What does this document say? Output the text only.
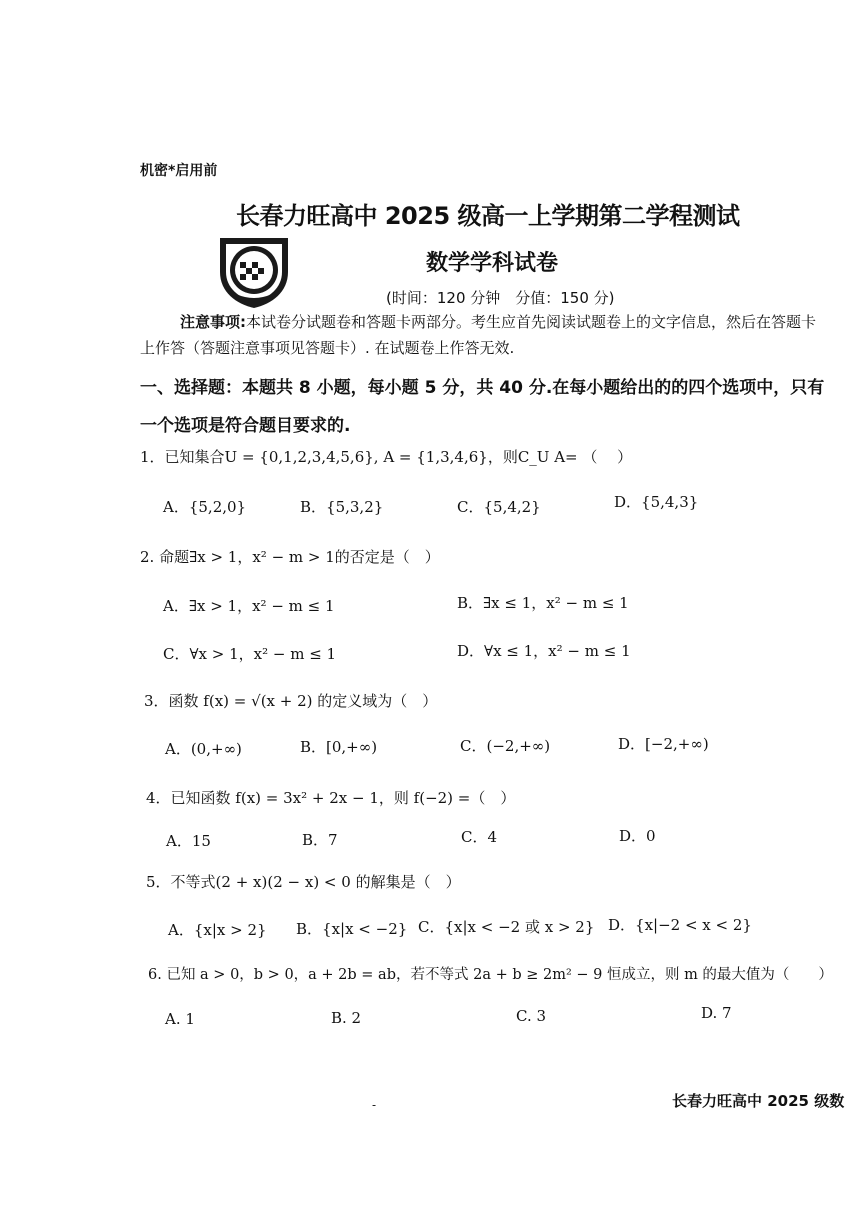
机密*启用前
长春力旺高中 2025 级高一上学期第二学程测试
数学学科试卷
(时间：120 分钟　分值：150 分)
注意事项:本试卷分试题卷和答题卡两部分。考生应首先阅读试题卷上的文字信息，然后在答题卡上作答（答题注意事项见答题卡）. 在试题卷上作答无效.
一、选择题：本题共 8 小题，每小题 5 分，共 40 分.在每小题给出的的四个选项中，只有一个选项是符合题目要求的.
1．已知集合U = {0,1,2,3,4,5,6}, A = {1,3,4,6}，则C_U A= （　 ）
A．{5,2,0}	B．{5,3,2}	C．{5,4,2}	D．{5,4,3}
2. 命题∃x > 1，x² − m > 1的否定是（　）
A．∃x > 1，x² − m ≤ 1	B．∃x ≤ 1，x² − m ≤ 1
C．∀x > 1，x² − m ≤ 1	D．∀x ≤ 1，x² − m ≤ 1
3．函数 f(x) = √(x + 2) 的定义域为（　）
A．(0,+∞)	B．[0,+∞)	C．(−2,+∞)	D．[−2,+∞)
4．已知函数 f(x) = 3x² + 2x − 1，则 f(−2) =（　）
A．15	B．7	C．4	D．0
5．不等式(2 + x)(2 − x) < 0 的解集是（　）
A．{x|x > 2} B．{x|x < −2} C．{x|x < −2 或 x > 2} D．{x|−2 < x < 2}
6. 已知 a > 0，b > 0，a + 2b = ab，若不等式 2a + b ≥ 2m² − 9 恒成立，则 m 的最大值为（　　）
A. 1	B. 2	C. 3	D. 7
-	长春力旺高中 2025 级数
